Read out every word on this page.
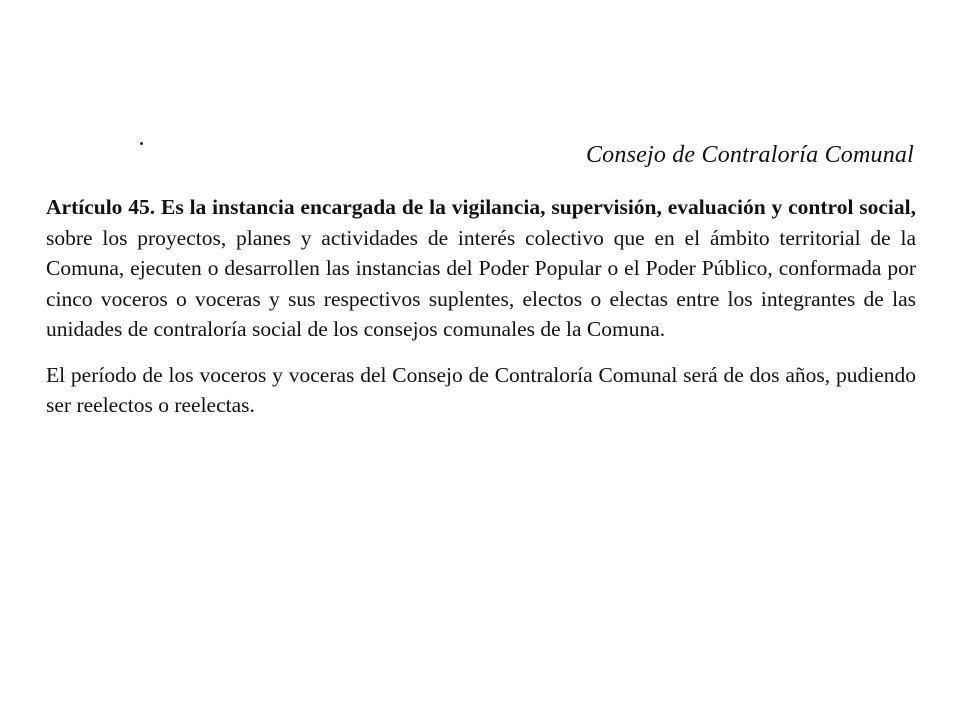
Consejo de Contraloría Comunal

Artículo 45. Es la instancia encargada de la vigilancia, supervisión, evaluación y control social, sobre los proyectos, planes y actividades de interés colectivo que en el ámbito territorial de la Comuna, ejecuten o desarrollen las instancias del Poder Popular o el Poder Público, conformada por cinco voceros o voceras y sus respectivos suplentes, electos o electas entre los integrantes de las unidades de contraloría social de los consejos comunales de la Comuna.

El período de los voceros y voceras del Consejo de Contraloría Comunal será de dos años, pudiendo ser reelectos o reelectas.
